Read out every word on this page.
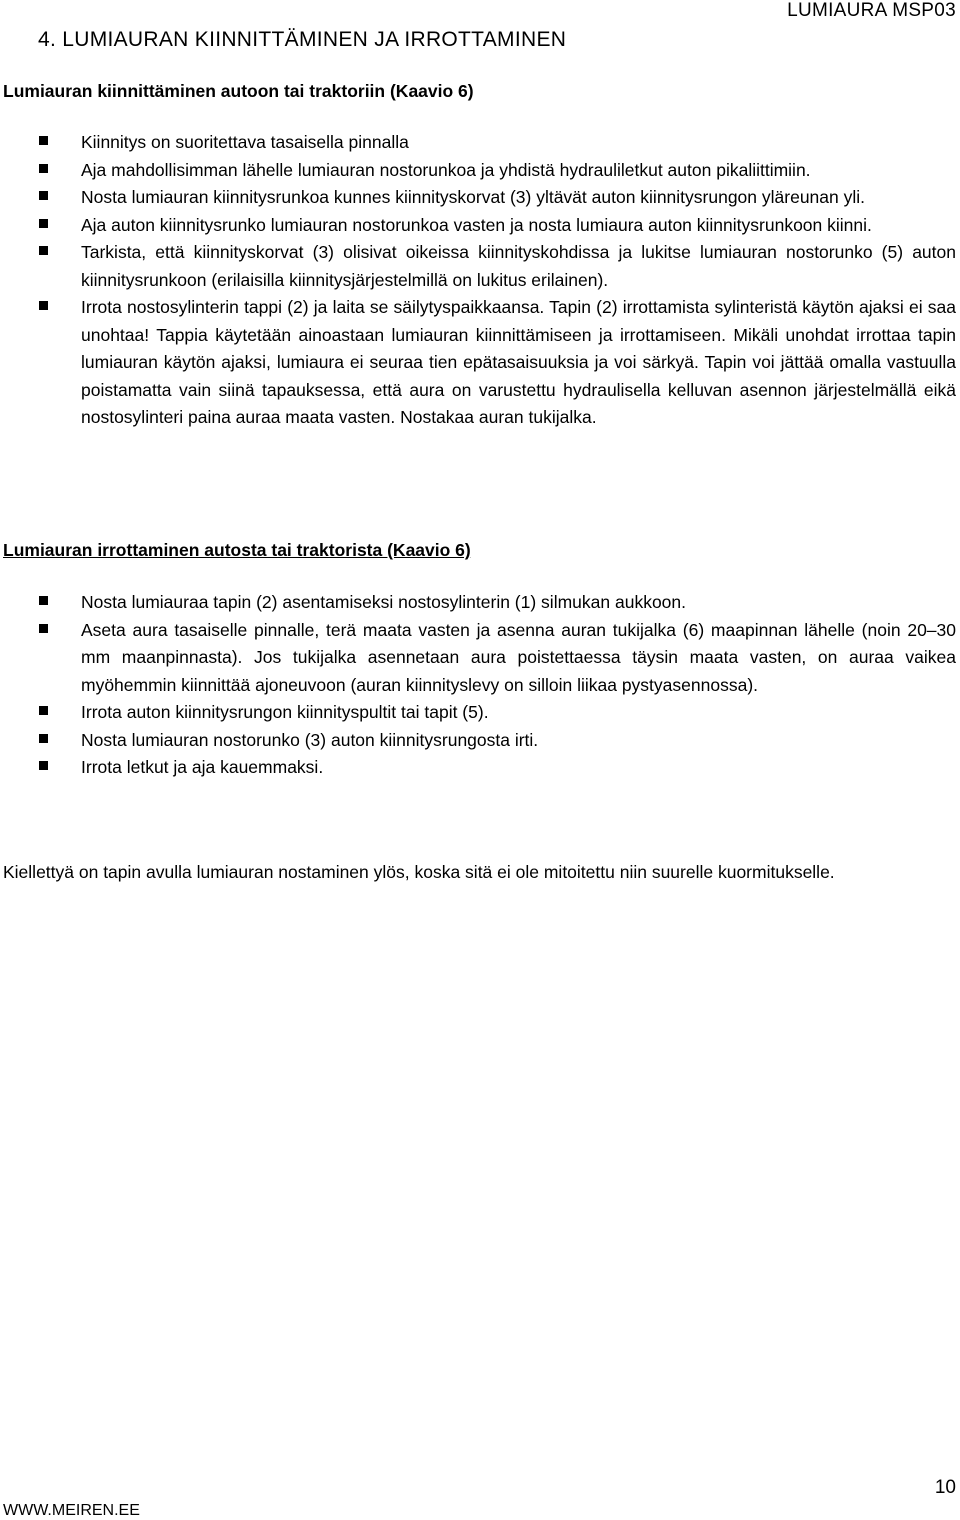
LUMIAURA MSP03
4. LUMIAURAN KIINNITTÄMINEN JA IRROTTAMINEN
Lumiauran kiinnittäminen autoon tai traktoriin (Kaavio 6)
Kiinnitys on suoritettava tasaisella pinnalla
Aja mahdollisimman lähelle lumiauran nostorunkoa ja yhdistä hydrauliletkut auton pikaliittimiin.
Nosta lumiauran kiinnitysrunkoa kunnes kiinnityskorvat (3) yltävät auton kiinnitysrungon yläreunan yli.
Aja auton kiinnitysrunko lumiauran nostorunkoa vasten ja nosta lumiaura auton kiinnitysrunkoon kiinni.
Tarkista, että kiinnityskorvat (3) olisivat oikeissa kiinnityskohdissa ja lukitse lumiauran nostorunko (5) auton kiinnitysrunkoon (erilaisilla kiinnitysjärjestelmillä on lukitus erilainen).
Irrota nostosylinterin tappi (2) ja laita se säilytyspaikkaansa. Tapin (2) irrottamista sylinteristä käytön ajaksi ei saa unohtaa! Tappia käytetään ainoastaan lumiauran kiinnittämiseen ja irrottamiseen. Mikäli unohdat irrottaa tapin lumiauran käytön ajaksi, lumiaura ei seuraa tien epätasaisuuksia ja voi särkyä. Tapin voi jättää omalla vastuulla poistamatta vain siinä tapauksessa, että aura on varustettu hydraulisella kelluvan asennon järjestelmällä eikä nostosylinteri paina auraa maata vasten. Nostakaa auran tukijalka.
Lumiauran irrottaminen autosta tai traktorista (Kaavio 6)
Nosta lumiauraa tapin (2) asentamiseksi nostosylinterin (1) silmukan aukkoon.
Aseta aura tasaiselle pinnalle, terä maata vasten ja asenna auran tukijalka (6) maapinnan lähelle (noin 20–30 mm maanpinnasta). Jos tukijalka asennetaan aura poistettaessa täysin maata vasten, on auraa vaikea myöhemmin kiinnittää ajoneuvoon (auran kiinnityslevy on silloin liikaa pystyasennossa).
Irrota auton kiinnitysrungon kiinnityspultit tai tapit (5).
Nosta lumiauran nostorunko (3) auton kiinnitysrungosta irti.
Irrota letkut ja aja kauemmaksi.

Kiellettyä on tapin avulla lumiauran nostaminen ylös, koska sitä ei ole mitoitettu niin suurelle kuormitukselle.

WWW.MEIREN.EE
10
